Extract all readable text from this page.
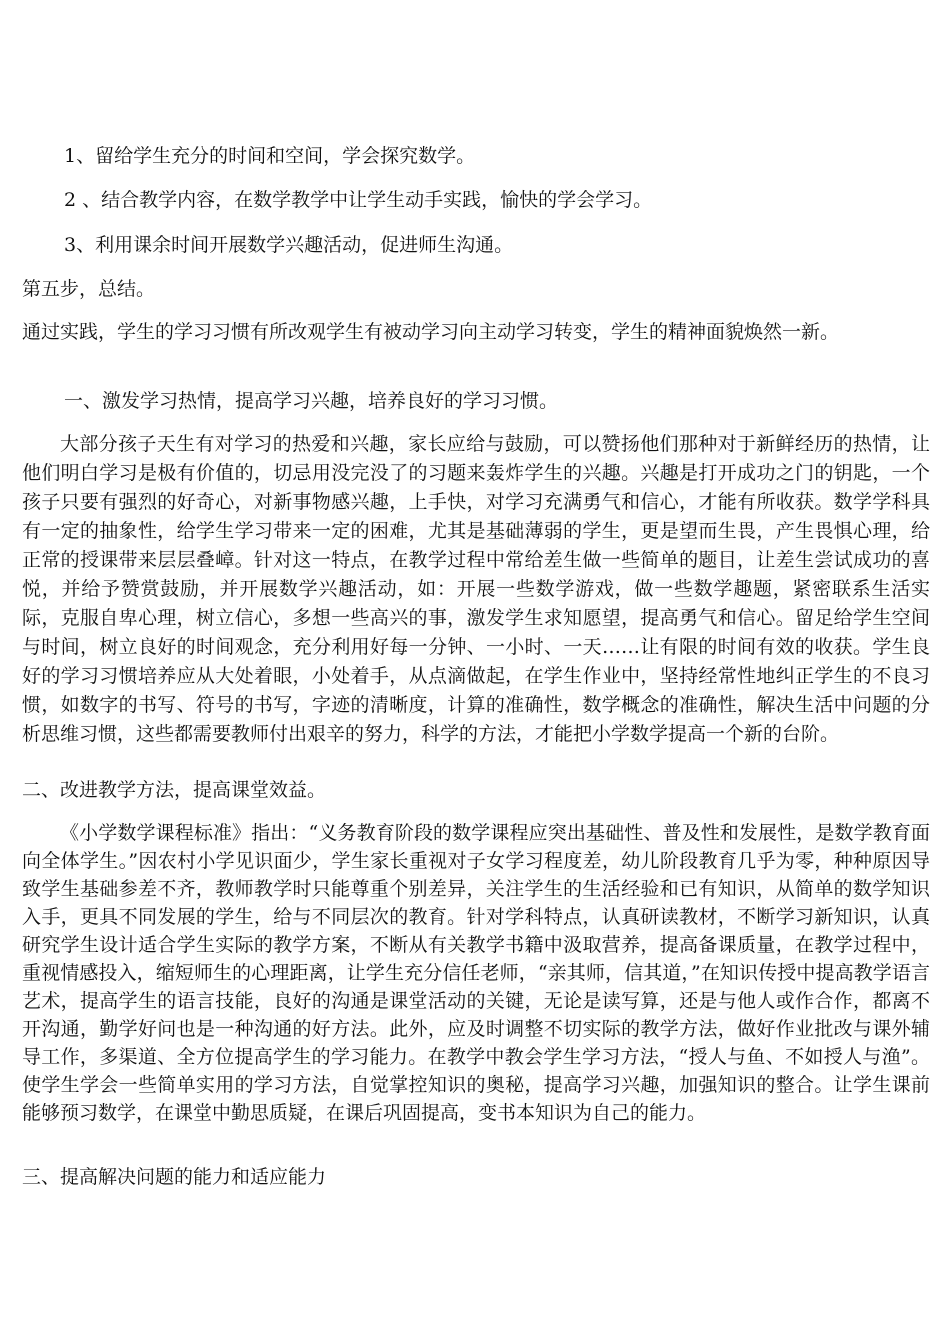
1、留给学生充分的时间和空间，学会探究数学。
2 、结合教学内容，在数学教学中让学生动手实践，愉快的学会学习。
3、利用课余时间开展数学兴趣活动，促进师生沟通。
第五步，总结。
通过实践，学生的学习习惯有所改观学生有被动学习向主动学习转变，学生的精神面貌焕然一新。
一、激发学习热情，提高学习兴趣，培养良好的学习习惯。
大部分孩子天生有对学习的热爱和兴趣，家长应给与鼓励，可以赞扬他们那种对于新鲜经历的热情，让他们明白学习是极有价值的，切忌用没完没了的习题来轰炸学生的兴趣。兴趣是打开成功之门的钥匙，一个孩子只要有强烈的好奇心，对新事物感兴趣，上手快，对学习充满勇气和信心，才能有所收获。数学学科具有一定的抽象性，给学生学习带来一定的困难，尤其是基础薄弱的学生，更是望而生畏，产生畏惧心理，给正常的授课带来层层叠嶂。针对这一特点，在教学过程中常给差生做一些简单的题目，让差生尝试成功的喜悦，并给予赞赏鼓励，并开展数学兴趣活动，如：开展一些数学游戏，做一些数学趣题，紧密联系生活实际，克服自卑心理，树立信心，多想一些高兴的事，激发学生求知愿望，提高勇气和信心。留足给学生空间与时间，树立良好的时间观念，充分利用好每一分钟、一小时、一天……让有限的时间有效的收获。学生良好的学习习惯培养应从大处着眼，小处着手，从点滴做起，在学生作业中，坚持经常性地纠正学生的不良习惯，如数字的书写、符号的书写，字迹的清晰度，计算的准确性，数学概念的准确性，解决生活中问题的分析思维习惯，这些都需要教师付出艰辛的努力，科学的方法，才能把小学数学提高一个新的台阶。
二、改进教学方法，提高课堂效益。
《小学数学课程标准》指出：“义务教育阶段的数学课程应突出基础性、普及性和发展性，是数学教育面向全体学生。”因农村小学见识面少，学生家长重视对子女学习程度差，幼儿阶段教育几乎为零，种种原因导致学生基础参差不齐，教师教学时只能尊重个别差异，关注学生的生活经验和已有知识，从简单的数学知识入手，更具不同发展的学生，给与不同层次的教育。针对学科特点，认真研读教材，不断学习新知识，认真研究学生设计适合学生实际的教学方案，不断从有关教学书籍中汲取营养，提高备课质量，在教学过程中，重视情感投入，缩短师生的心理距离，让学生充分信任老师，“亲其师，信其道，”在知识传授中提高教学语言艺术，提高学生的语言技能，良好的沟通是课堂活动的关键，无论是读写算，还是与他人或作合作，都离不开沟通，勤学好问也是一种沟通的好方法。此外，应及时调整不切实际的教学方法，做好作业批改与课外辅导工作，多渠道、全方位提高学生的学习能力。在教学中教会学生学习方法，“授人与鱼、不如授人与渔”。使学生学会一些简单实用的学习方法，自觉掌控知识的奥秘，提高学习兴趣，加强知识的整合。让学生课前能够预习数学，在课堂中勤思质疑，在课后巩固提高，变书本知识为自己的能力。
三、提高解决问题的能力和适应能力
